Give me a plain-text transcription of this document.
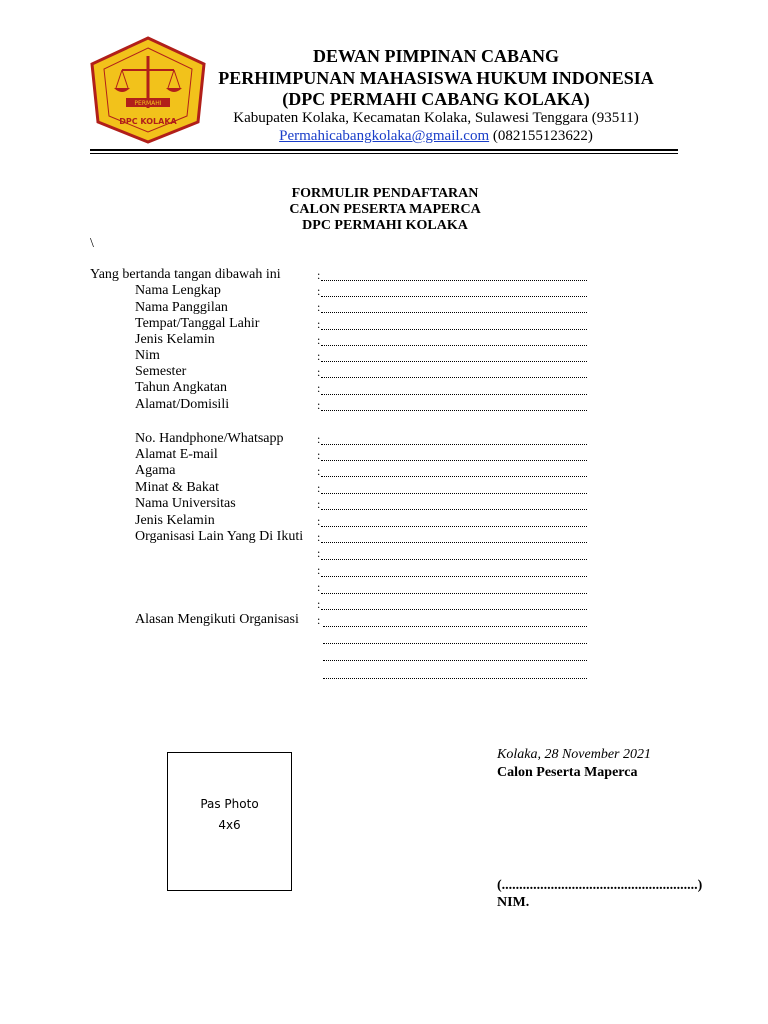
PERMAHI
DPC KOLAKA
DEWAN PIMPINAN CABANG
PERHIMPUNAN MAHASISWA HUKUM INDONESIA
(DPC PERMAHI CABANG KOLAKA)
Kabupaten Kolaka, Kecamatan Kolaka, Sulawesi Tenggara (93511)
Permahicabangkolaka@gmail.com (082155123622)
FORMULIR PENDAFTARAN
CALON PESERTA MAPERCA
DPC PERMAHI KOLAKA
\
Yang bertanda tangan dibawah ini	:
Nama Lengkap	:
Nama Panggilan	:
Tempat/Tanggal Lahir	:
Jenis Kelamin	:
Nim	:
Semester	:
Tahun Angkatan	:
Alamat/Domisili	:
No. Handphone/Whatsapp	:
Alamat E-mail	:
Agama	:
Minat & Bakat	:
Nama Universitas	:
Jenis Kelamin	:
Organisasi Lain Yang Di Ikuti :
:
:
:
:
Alasan Mengikuti Organisasi :
Pas Photo
4x6
Kolaka, 28 November 2021
Calon Peserta Maperca
(........................................................)
NIM.
